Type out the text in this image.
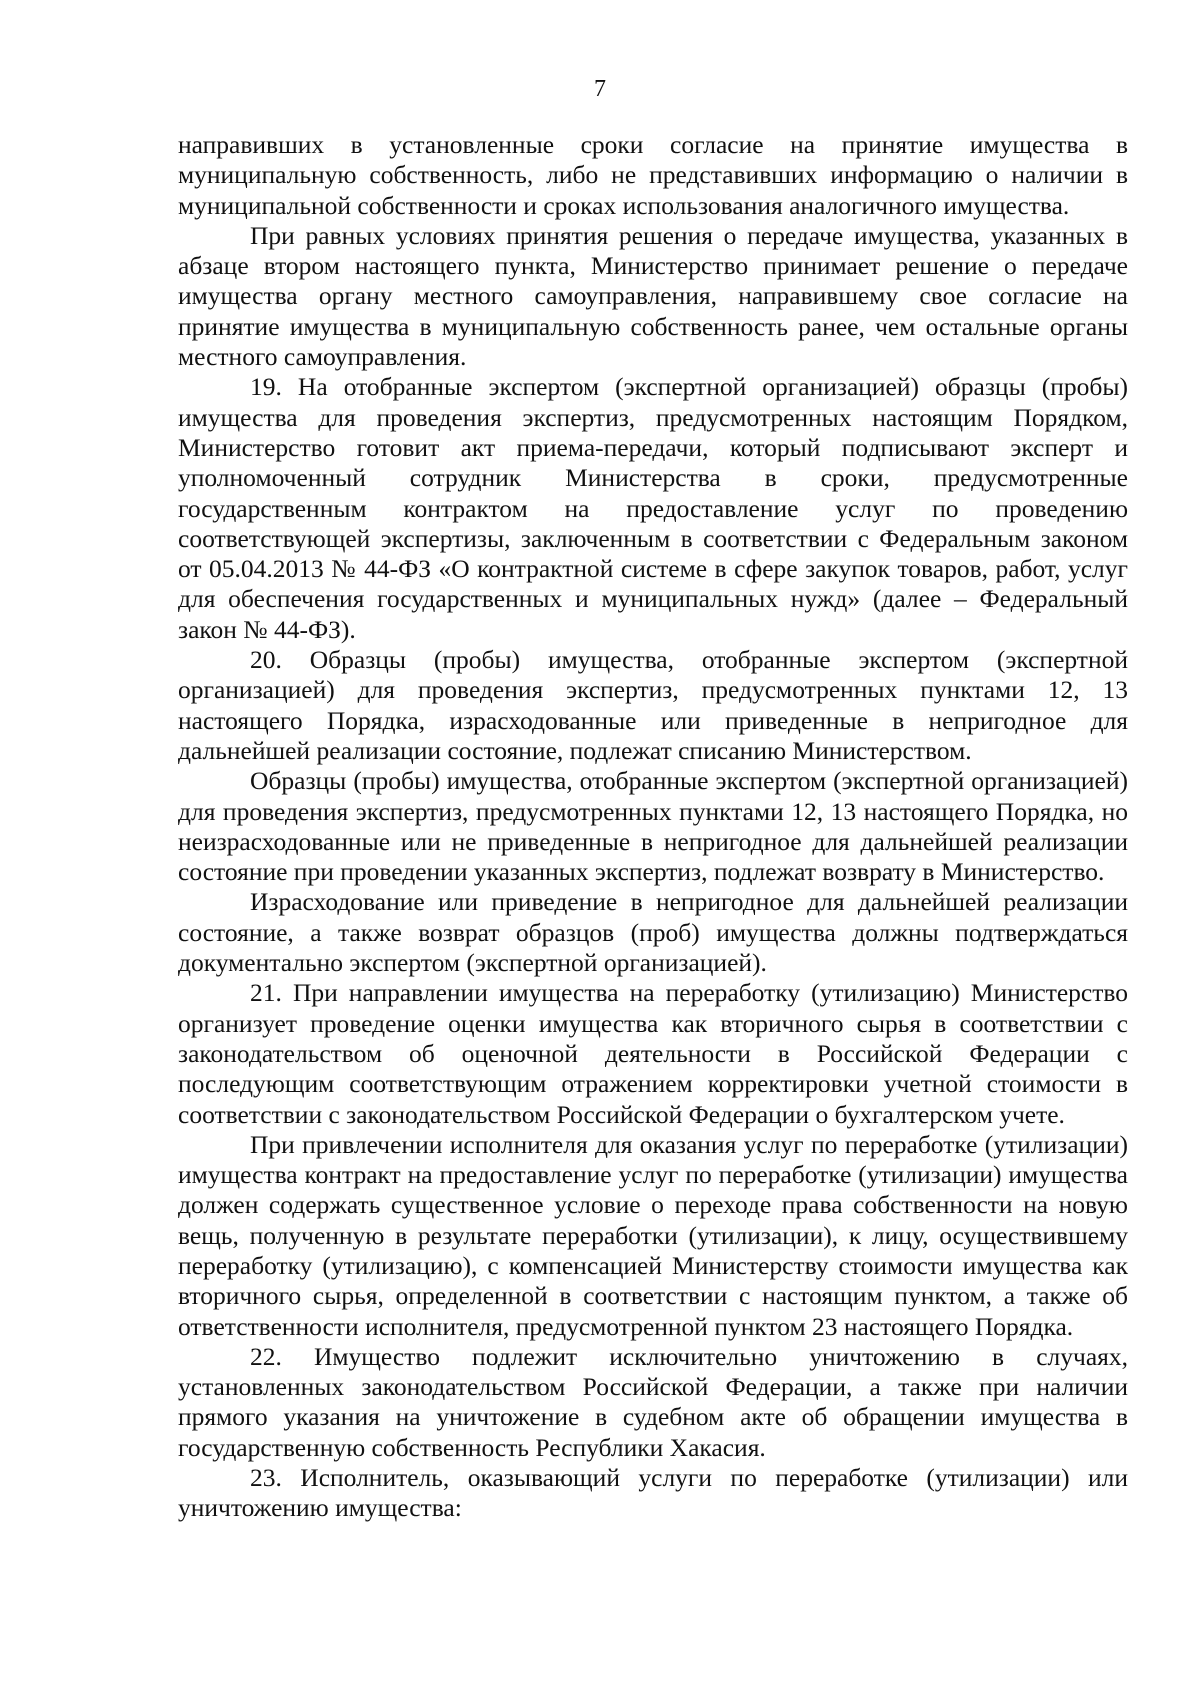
7

направивших в установленные сроки согласие на принятие имущества в муниципальную собственность, либо не представивших информацию о наличии в муниципальной собственности и сроках использования аналогичного имущества.

При равных условиях принятия решения о передаче имущества, указанных в абзаце втором настоящего пункта, Министерство принимает решение о передаче имущества органу местного самоуправления, направившему свое согласие на принятие имущества в муниципальную собственность ранее, чем остальные органы местного самоуправления.

19. На отобранные экспертом (экспертной организацией) образцы (пробы) имущества для проведения экспертиз, предусмотренных настоящим Порядком, Министерство готовит акт приема-передачи, который подписывают эксперт и уполномоченный сотрудник Министерства в сроки, предусмотренные государственным контрактом на предоставление услуг по проведению соответствующей экспертизы, заключенным в соответствии с Федеральным законом от 05.04.2013 № 44-ФЗ «О контрактной системе в сфере закупок товаров, работ, услуг для обеспечения государственных и муниципальных нужд» (далее – Федеральный закон № 44-ФЗ).

20. Образцы (пробы) имущества, отобранные экспертом (экспертной организацией) для проведения экспертиз, предусмотренных пунктами 12, 13 настоящего Порядка, израсходованные или приведенные в непригодное для дальнейшей реализации состояние, подлежат списанию Министерством.

Образцы (пробы) имущества, отобранные экспертом (экспертной организацией) для проведения экспертиз, предусмотренных пунктами 12, 13 настоящего Порядка, но неизрасходованные или не приведенные в непригодное для дальнейшей реализации состояние при проведении указанных экспертиз, подлежат возврату в Министерство.

Израсходование или приведение в непригодное для дальнейшей реализации состояние, а также возврат образцов (проб) имущества должны подтверждаться документально экспертом (экспертной организацией).

21. При направлении имущества на переработку (утилизацию) Министерство организует проведение оценки имущества как вторичного сырья в соответствии с законодательством об оценочной деятельности в Российской Федерации с последующим соответствующим отражением корректировки учетной стоимости в соответствии с законодательством Российской Федерации о бухгалтерском учете.

При привлечении исполнителя для оказания услуг по переработке (утилизации) имущества контракт на предоставление услуг по переработке (утилизации) имущества должен содержать существенное условие о переходе права собственности на новую вещь, полученную в результате переработки (утилизации), к лицу, осуществившему переработку (утилизацию), с компенсацией Министерству стоимости имущества как вторичного сырья, определенной в соответствии с настоящим пунктом, а также об ответственности исполнителя, предусмотренной пунктом 23 настоящего Порядка.

22. Имущество подлежит исключительно уничтожению в случаях, установленных законодательством Российской Федерации, а также при наличии прямого указания на уничтожение в судебном акте об обращении имущества в государственную собственность Республики Хакасия.

23. Исполнитель, оказывающий услуги по переработке (утилизации) или уничтожению имущества:
